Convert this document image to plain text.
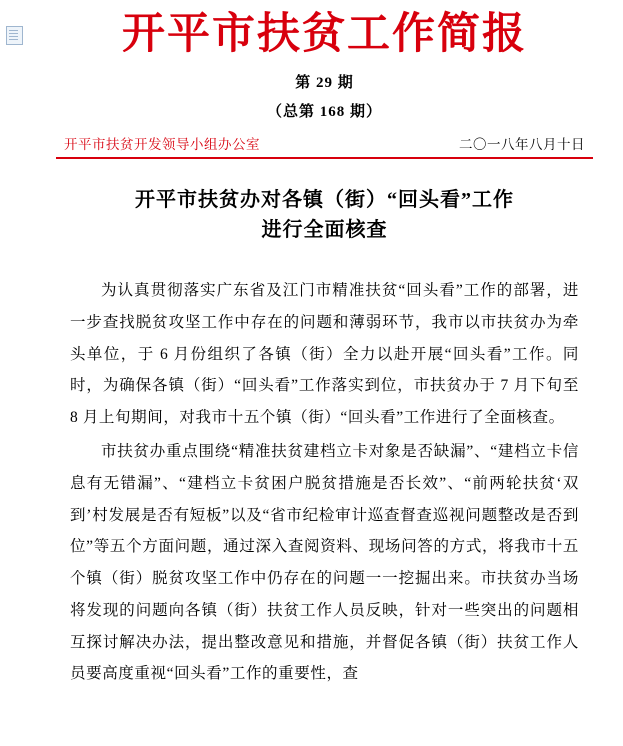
开平市扶贫工作简报
第 29 期
（总第 168 期）
开平市扶贫开发领导小组办公室	二〇一八年八月十日
开平市扶贫办对各镇（街）“回头看”工作
进行全面核查

为认真贯彻落实广东省及江门市精准扶贫“回头看”工作的部署，进一步查找脱贫攻坚工作中存在的问题和薄弱环节，我市以市扶贫办为牵头单位，于 6 月份组织了各镇（街）全力以赴开展“回头看”工作。同时，为确保各镇（街）“回头看”工作落实到位，市扶贫办于 7 月下旬至 8 月上旬期间，对我市十五个镇（街）“回头看”工作进行了全面核查。

市扶贫办重点围绕“精准扶贫建档立卡对象是否缺漏”、“建档立卡信息有无错漏”、“建档立卡贫困户脱贫措施是否长效”、“前两轮扶贫‘双到’村发展是否有短板”以及“省市纪检审计巡查督查巡视问题整改是否到位”等五个方面问题，通过深入查阅资料、现场问答的方式，将我市十五个镇（街）脱贫攻坚工作中仍存在的问题一一挖掘出来。市扶贫办当场将发现的问题向各镇（街）扶贫工作人员反映，针对一些突出的问题相互探讨解决办法，提出整改意见和措施，并督促各镇（街）扶贫工作人员要高度重视“回头看”工作的重要性，查
